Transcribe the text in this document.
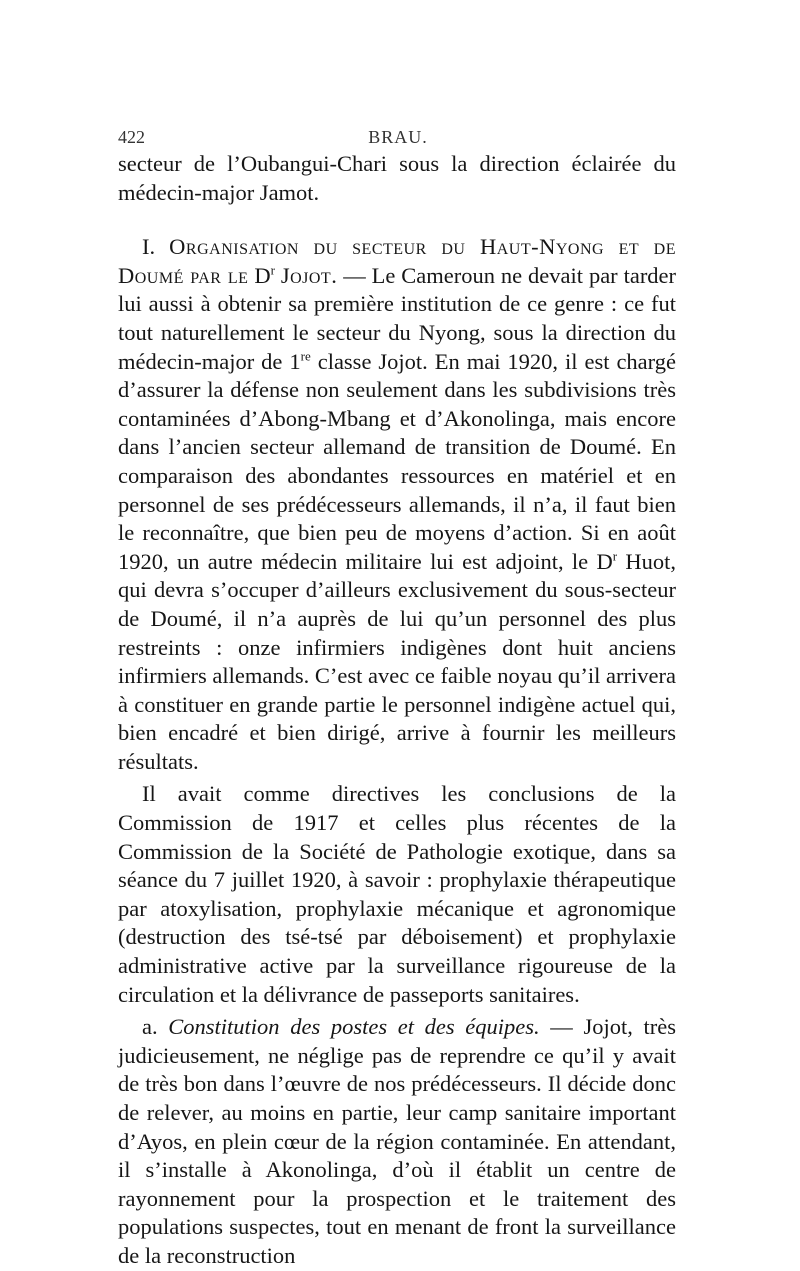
422	BRAU.

secteur de l’Oubangui-Chari sous la direction éclairée du médecin-major Jamot.

I. Organisation du secteur du Haut-Nyong et de Doumé par le $D^r$ Jojot. — Le Cameroun ne devait par tarder lui aussi à obtenir sa première institution de ce genre : ce fut tout naturellement le secteur du Nyong, sous la direction du médecin-major de 1re classe Jojot. En mai 1920, il est chargé d’assurer la défense non seulement dans les subdivisions très contaminées d’Abong-Mbang et d’Akonolinga, mais encore dans l’ancien secteur allemand de transition de Doumé. En comparaison des abondantes ressources en matériel et en personnel de ses prédécesseurs allemands, il n’a, il faut bien le reconnaître, que bien peu de moyens d’action. Si en août 1920, un autre médecin militaire lui est adjoint, le $D^r$ Huot, qui devra s’occuper d’ailleurs exclusivement du sous-secteur de Doumé, il n’a auprès de lui qu’un personnel des plus restreints : onze infirmiers indigènes dont huit anciens infirmiers allemands. C’est avec ce faible noyau qu’il arrivera à constituer en grande partie le personnel indigène actuel qui, bien encadré et bien dirigé, arrive à fournir les meilleurs résultats.

Il avait comme directives les conclusions de la Commission de 1917 et celles plus récentes de la Commission de la Société de Pathologie exotique, dans sa séance du 7 juillet 1920, à savoir : prophylaxie thérapeutique par atoxylisation, prophylaxie mécanique et agronomique (destruction des tsé-tsé par déboisement) et prophylaxie administrative active par la surveillance rigoureuse de la circulation et la délivrance de passeports sanitaires.

a. Constitution des postes et des équipes. — Jojot, très judicieusement, ne néglige pas de reprendre ce qu’il y avait de très bon dans l’œuvre de nos prédécesseurs. Il décide donc de relever, au moins en partie, leur camp sanitaire important d’Ayos, en plein cœur de la région contaminée. En attendant, il s’installe à Akonolinga, d’où il établit un centre de rayonnement pour la prospection et le traitement des populations suspectes, tout en menant de front la surveillance de la reconstruction
